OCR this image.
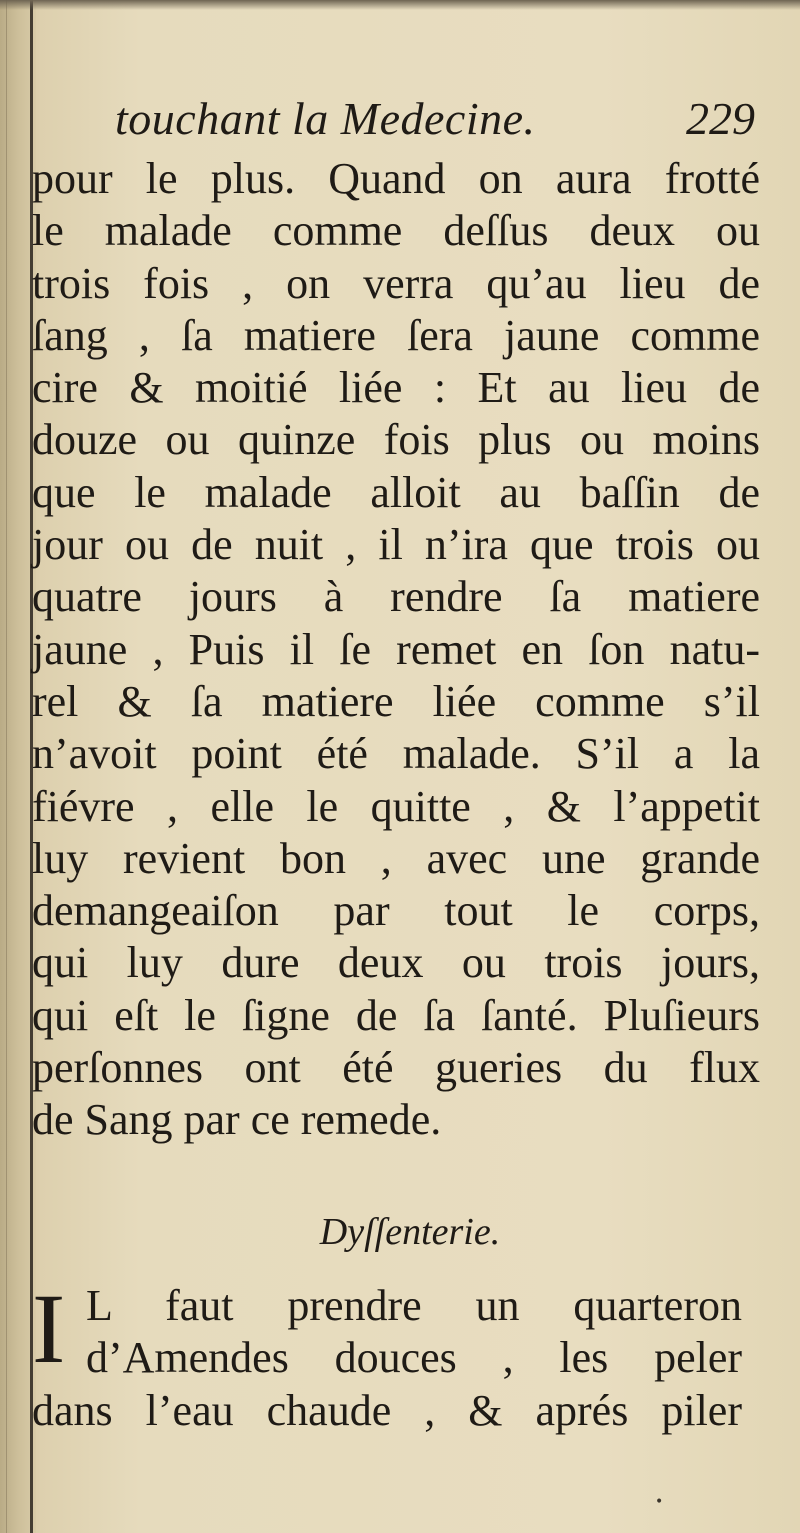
touchant la Medecine.	229
pour le plus. Quand on aura frotté
le malade comme deſſus deux ou
trois fois , on verra qu’au lieu de
ſang , ſa matiere ſera jaune comme
cire & moitié liée : Et au lieu de
douze ou quinze fois plus ou moins
que le malade alloit au baſſin de
jour ou de nuit , il n’ira que trois ou
quatre jours à rendre ſa matiere
jaune , Puis il ſe remet en ſon natu-
rel & ſa matiere liée comme s’il
n’avoit point été malade. S’il a la
fiévre , elle le quitte , & l’appetit
luy revient bon , avec une grande
demangeaiſon par tout le corps,
qui luy dure deux ou trois jours,
qui eſt le ſigne de ſa ſanté. Pluſieurs
perſonnes ont été gueries du flux
de Sang par ce remede.
Dyſſenterie.
I L faut prendre un quarteron
d’Amendes douces , les peler
dans l’eau chaude , & aprés piler
•
